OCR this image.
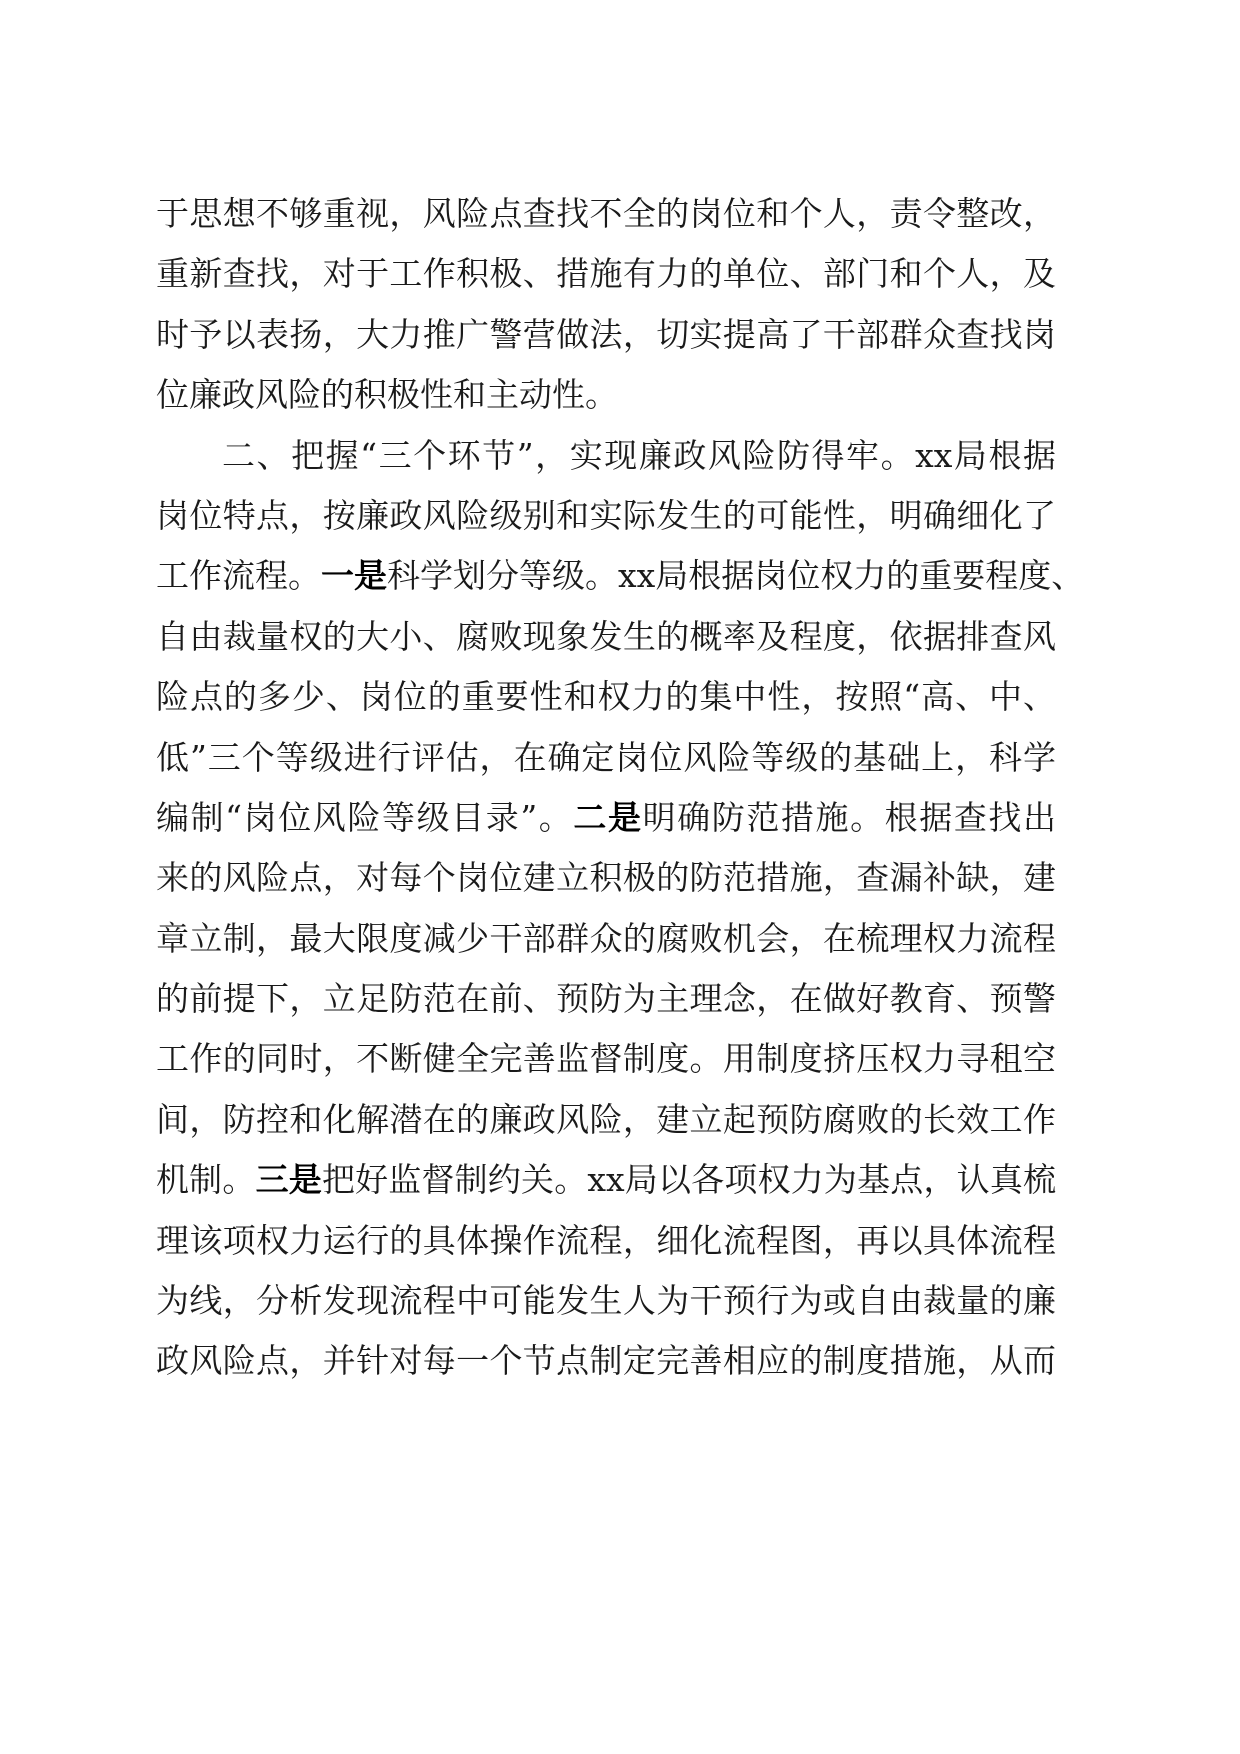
于思想不够重视，风险点查找不全的岗位和个人，责令整改，
重新查找，对于工作积极、措施有力的单位、部门和个人，及
时予以表扬，大力推广警营做法，切实提高了干部群众查找岗
位廉政风险的积极性和主动性。
二、把握“三个环节”，实现廉政风险防得牢。xx局根据
岗位特点，按廉政风险级别和实际发生的可能性，明确细化了
工作流程。一是科学划分等级。xx局根据岗位权力的重要程度、
自由裁量权的大小、腐败现象发生的概率及程度，依据排查风
险点的多少、岗位的重要性和权力的集中性，按照“高、中、
低”三个等级进行评估，在确定岗位风险等级的基础上，科学
编制“岗位风险等级目录”。二是明确防范措施。根据查找出
来的风险点，对每个岗位建立积极的防范措施，查漏补缺，建
章立制，最大限度减少干部群众的腐败机会，在梳理权力流程
的前提下，立足防范在前、预防为主理念，在做好教育、预警
工作的同时，不断健全完善监督制度。用制度挤压权力寻租空
间，防控和化解潜在的廉政风险，建立起预防腐败的长效工作
机制。三是把好监督制约关。xx局以各项权力为基点，认真梳
理该项权力运行的具体操作流程，细化流程图，再以具体流程
为线，分析发现流程中可能发生人为干预行为或自由裁量的廉
政风险点，并针对每一个节点制定完善相应的制度措施，从而
